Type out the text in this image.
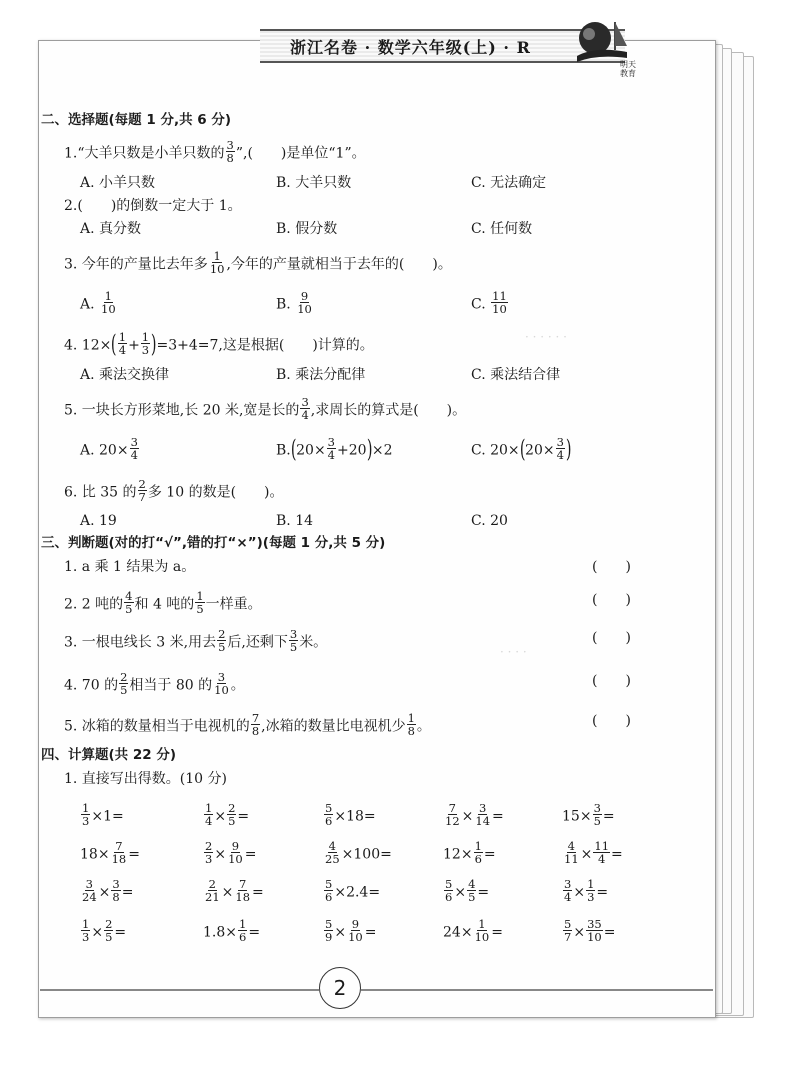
浙江名卷 · 数学六年级(上) · R
明天 教育
· · · · · ·
· · · ·
二、选择题(每题 1 分,共 6 分)
1.“大羊只数是小羊只数的 $\frac{3}{8}$ ”,(　　)是单位“1”。
A. 小羊只数	B. 大羊只数	C. 无法确定
2.(　　)的倒数一定大于 1。
A. 真分数	B. 假分数	C. 任何数
3. 今年的产量比去年多 $\frac{1}{10}$ ,今年的产量就相当于去年的(　　)。
A. $\frac{1}{10}$	B. $\frac{9}{10}$	C. $\frac{11}{10}$
4. $12\times( \frac{1}{4} + \frac{1}{3} )=3+4=7$,这是根据(　　)计算的。
A. 乘法交换律	B. 乘法分配律	C. 乘法结合律
5. 一块长方形菜地,长 20 米,宽是长的 $\frac{3}{4}$ ,求周长的算式是(　　)。
A. $20\times \frac{3}{4}$	$B.(20\times \frac{3}{4} +20)\times 2$	C. $20\times(20\times \frac{3}{4}$ )
6. 比 35 的 $\frac{2}{7}$ 多 10 的数是(　　)。
A. 19	B. 14	C. 20
三、判断题(对的打“√”,错的打“×”)(每题 1 分,共 5 分)
1. a 乘 1 结果为 a。	(　　)
2. 2 吨的 $\frac{4}{5}$ 和 4 吨的 $\frac{1}{5}$ 一样重。	(　　)
3. 一根电线长 3 米,用去 $\frac{2}{5}$ 后,还剩下 $\frac{3}{5}$ 米。	(　　)
4. 70 的 $\frac{2}{5}$ 相当于 80 的 $\frac{3}{10}$ 。	(　　)
5. 冰箱的数量相当于电视机的 $\frac{7}{8}$ ,冰箱的数量比电视机少 $\frac{1}{8}$ 。	(　　)
四、计算题(共 22 分)
1. 直接写出得数。(10 分)
$\frac{1}{3} \times 1=$	$\frac{1}{4} \times \frac{2}{5}$ =	$\frac{5}{6} \times 18=$	$\frac{7}{12} \times \frac{3}{14}$ =	$15\times \frac{3}{5}$ =
$18\times \frac{7}{18}$ =	$\frac{2}{3} \times \frac{9}{10}$ =	$\frac{4}{25} \times 100=$	$12\times \frac{1}{6}$ =	$\frac{4}{11} \times \frac{11}{4}$ =
$\frac{3}{24} \times \frac{3}{8}$ =	$\frac{2}{21} \times \frac{7}{18}$ =	$\frac{5}{6} \times 2.4=$	$\frac{5}{6} \times \frac{4}{5}$ =	$\frac{3}{4} \times \frac{1}{3}$ =
$\frac{1}{3} \times \frac{2}{5}$ =	$1.8\times \frac{1}{6}$ =	$\frac{5}{9} \times \frac{9}{10}$ =	$24\times \frac{1}{10}$ =	$\frac{5}{7} \times \frac{35}{10}$ =
2
